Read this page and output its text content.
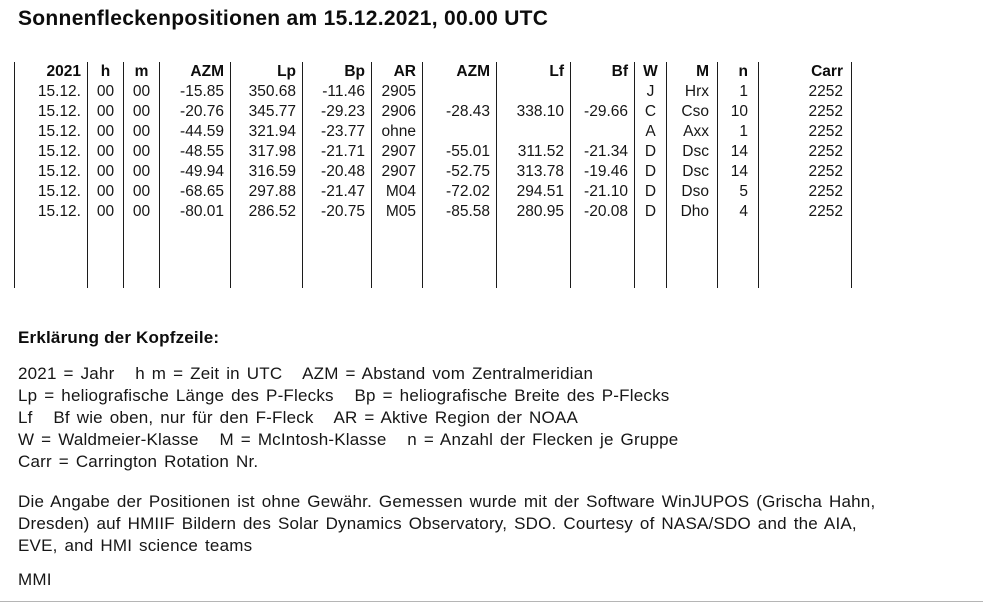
Sonnenfleckenpositionen am 15.12.2021, 00.00 UTC
2021	h	m	AZM	Lp	Bp	AR	AZM	Lf	Bf	W	M	n	Carr
15.12.	00	00	-15.85	350.68	-11.46	2905				J	Hrx	1	2252
15.12.	00	00	-20.76	345.77	-29.23	2906	-28.43	338.10	-29.66	C	Cso	10	2252
15.12.	00	00	-44.59	321.94	-23.77	ohne				A	Axx	1	2252
15.12.	00	00	-48.55	317.98	-21.71	2907	-55.01	311.52	-21.34	D	Dsc	14	2252
15.12.	00	00	-49.94	316.59	-20.48	2907	-52.75	313.78	-19.46	D	Dsc	14	2252
15.12.	00	00	-68.65	297.88	-21.47	M04	-72.02	294.51	-21.10	D	Dso	5	2252
15.12.	00	00	-80.01	286.52	-20.75	M05	-85.58	280.95	-20.08	D	Dho	4	2252

Erklärung der Kopfzeile:
2021 = Jahr   h m = Zeit in UTC   AZM = Abstand vom Zentralmeridian
Lp = heliografische Länge des P-Flecks   Bp = heliografische Breite des P-Flecks
Lf   Bf wie oben, nur für den F-Fleck   AR = Aktive Region der NOAA
W = Waldmeier-Klasse   M = McIntosh-Klasse   n = Anzahl der Flecken je Gruppe
Carr = Carrington Rotation Nr.
Die Angabe der Positionen ist ohne Gewähr. Gemessen wurde mit der Software WinJUPOS (Grischa Hahn,
Dresden) auf HMIIF Bildern des Solar Dynamics Observatory, SDO. Courtesy of NASA/SDO and the AIA,
EVE, and HMI science teams
MMI
